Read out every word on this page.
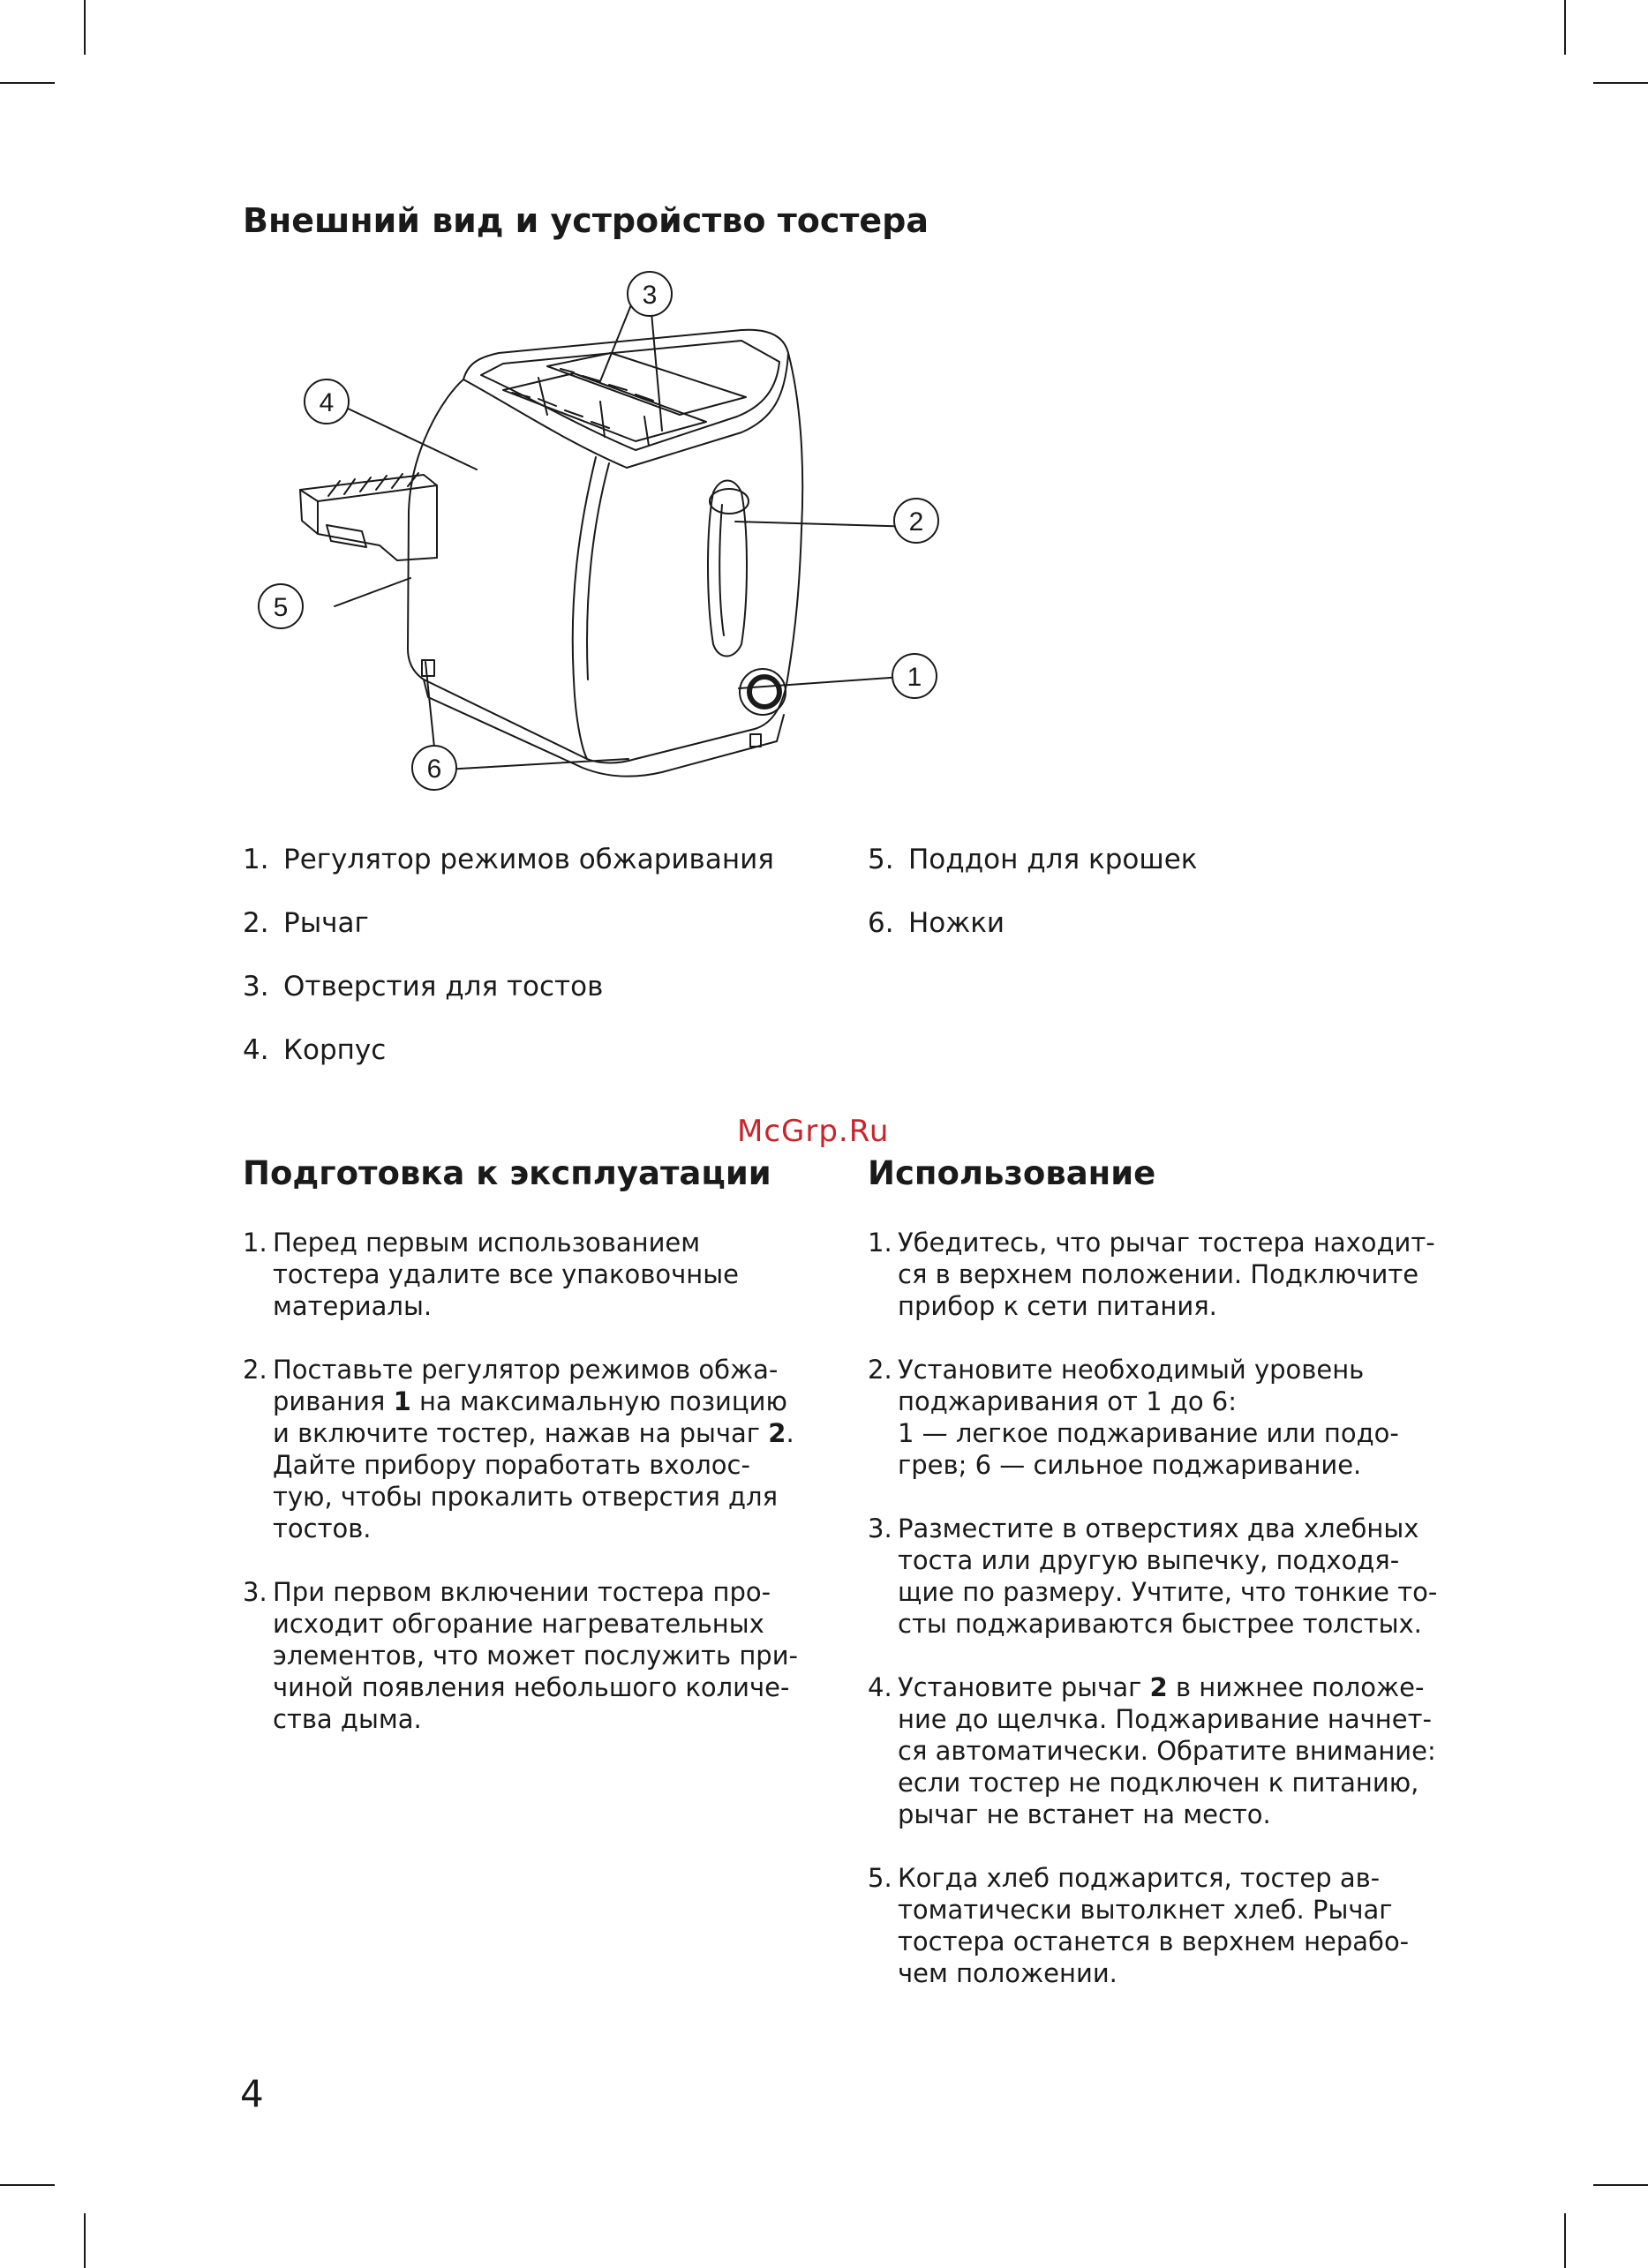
Внешний вид и устройство тостера
3
4
2
5
1
6
1. Регулятор режимов обжаривания
2. Рычаг
3. Отверстия для тостов
4. Корпус
5. Поддон для крошек
6. Ножки
McGrp.Ru
Подготовка к эксплуатации	Использование
1. Перед первым использованием
тостера удалите все упаковочные
материалы.
2. Поставьте регулятор режимов обжа-
ривания 1 на максимальную позицию
и включите тостер, нажав на рычаг 2.
Дайте прибору поработать вхолос-
тую, чтобы прокалить отверстия для
тостов.
3. При первом включении тостера про-
исходит обгорание нагревательных
элементов, что может послужить при-
чиной появления небольшого количе-
ства дыма.
1. Убедитесь, что рычаг тостера находит-
ся в верхнем положении. Подключите
прибор к сети питания.
2. Установите необходимый уровень
поджаривания от 1 до 6:
1 — легкое поджаривание или подо-
грев; 6 — сильное поджаривание.
3. Разместите в отверстиях два хлебных
тоста или другую выпечку, подходя-
щие по размеру. Учтите, что тонкие то-
сты поджариваются быстрее толстых.
4. Установите рычаг 2 в нижнее положе-
ние до щелчка. Поджаривание начнет-
ся автоматически. Обратите внимание:
если тостер не подключен к питанию,
рычаг не встанет на место.
5. Когда хлеб поджарится, тостер ав-
томатически вытолкнет хлеб. Рычаг
тостера останется в верхнем нерабо-
чем положении.
4
